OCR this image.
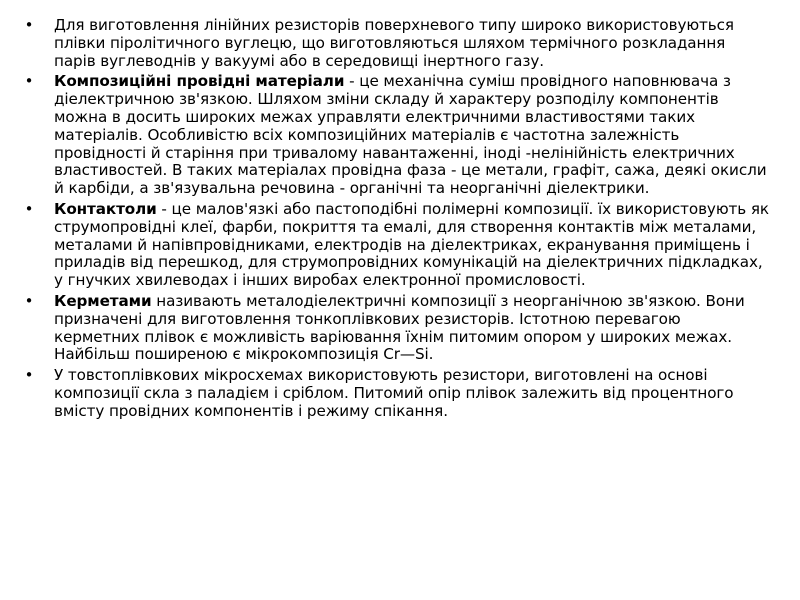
•	Для виготовлення лінійних резисторів поверхневого типу широко використовуються плівки піролітичного вуглецю, що виготовляються шляхом термічного розкладання парів вуглеводнів у вакуумі або в середовищі інертного газу.
•	Композиційні провідні матеріали - це механічна суміш провідного наповнювача з діелектричною зв'язкою. Шляхом зміни складу й характеру розподілу компонентів можна в досить широких межах управляти електричними властивостями таких матеріалів. Особливістю всіх композиційних матеріалів є частотна залежність провідності й старіння при тривалому навантаженні, іноді -нелінійність електричних властивостей. В таких матеріалах провідна фаза - це метали, графіт, сажа, деякі окисли й карбіди, а зв'язувальна речовина - органічні та неорганічні діелектрики.
•	Контактоли - це малов'язкі або пастоподібні полімерні композиції. їх використовують як струмопровідні клеї, фарби, покриття та емалі, для створення контактів між металами, металами й напівпровідниками, електродів на діелектриках, екранування приміщень і приладів від перешкод, для струмопровідних комунікацій на діелектричних підкладках, у гнучких хвилеводах і інших виробах електронної промисловості.
•	Керметами називають металодіелектричні композиції з неорганічною зв'язкою. Вони призначені для виготовлення тонкоплівкових резисторів. Істотною перевагою керметних плівок є можливість варіювання їхнім питомим опором у широких межах. Найбільш поширеною є мікрокомпозиція Cr—Si.
•	У товстоплівкових мікросхемах використовують резистори, виготовлені на основі композиції скла з паладієм і сріблом. Питомий опір плівок залежить від процентного вмісту провідних компонентів і режиму спікання.
